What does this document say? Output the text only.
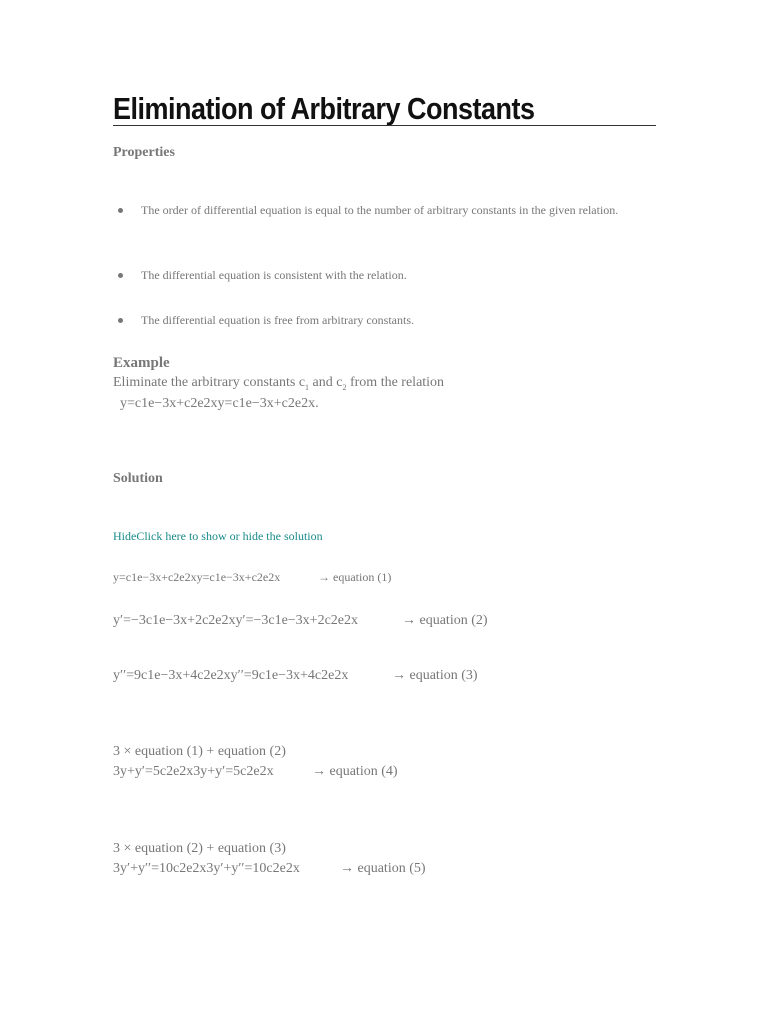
Elimination of Arbitrary Constants
Properties
The order of differential equation is equal to the number of arbitrary constants in the given relation.
The differential equation is consistent with the relation.
The differential equation is free from arbitrary constants.
Example
Eliminate the arbitrary constants $c_1$ and $c_2$ from the relation
y=c1e−3x+c2e2xy=c1e−3x+c2e2x.
Solution
HideClick here to show or hide the solution
y=c1e−3x+c2e2xy=c1e−3x+c2e2x	→ equation (1)
y′=−3c1e−3x+2c2e2xy′=−3c1e−3x+2c2e2x	→ equation (2)
y′′=9c1e−3x+4c2e2xy′′=9c1e−3x+4c2e2x	→ equation (3)
3 × equation (1) + equation (2)
3y+y′=5c2e2x3y+y′=5c2e2x	→ equation (4)
3 × equation (2) + equation (3)
3y′+y′′=10c2e2x3y′+y′′=10c2e2x	→ equation (5)
